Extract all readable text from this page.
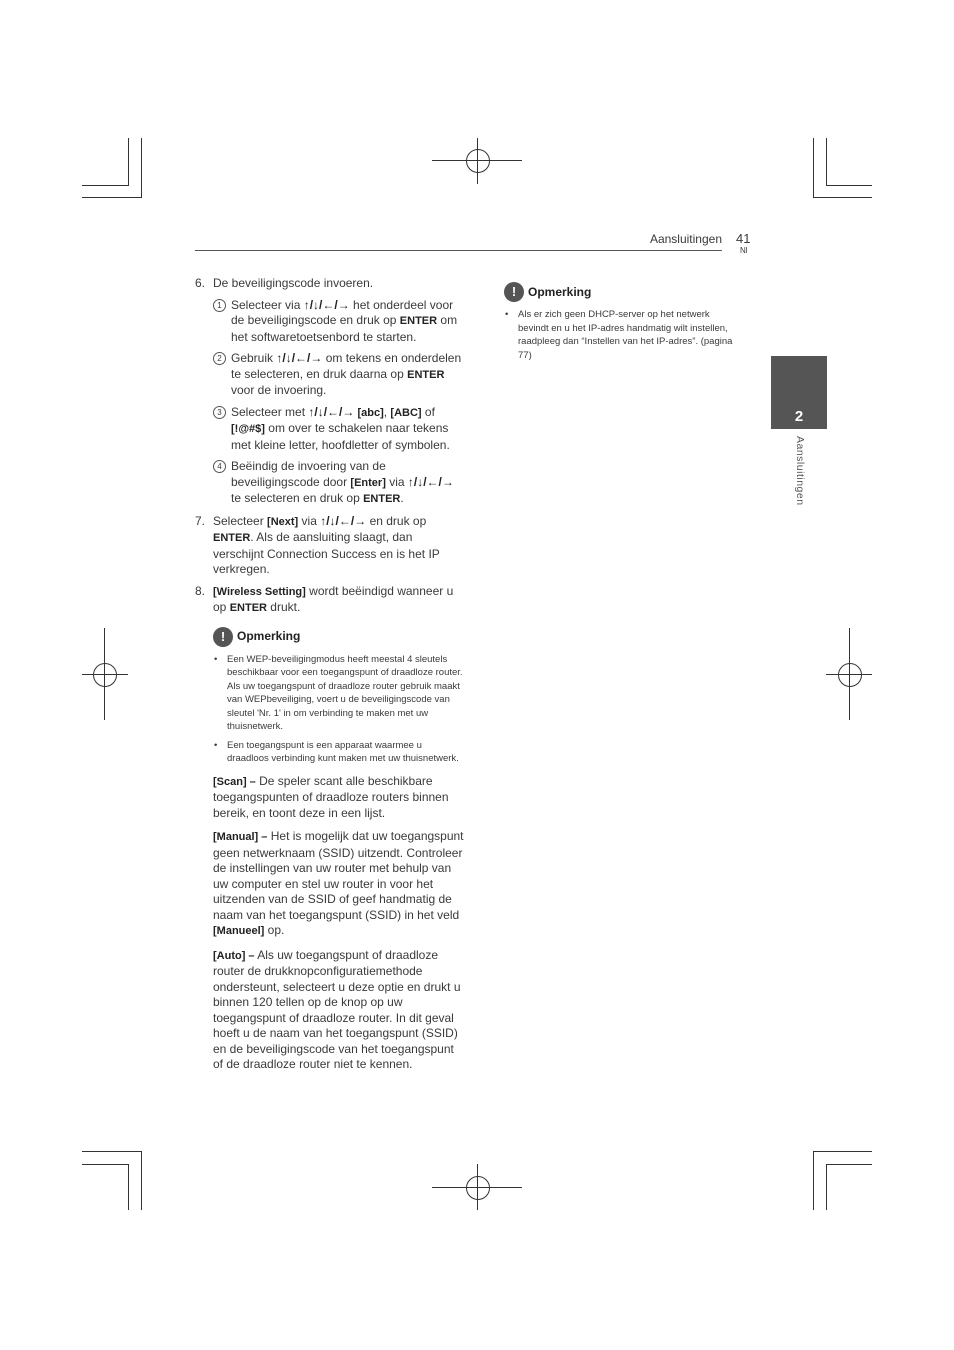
Aansluitingen 41
Nl
2
Aansluitingen
6. De beveiligingscode invoeren.
1 Selecteer via ↑/↓/←/→ het onderdeel voor de beveiligingscode en druk op ENTER om het softwaretoetsenbord te starten.
2 Gebruik ↑/↓/←/→ om tekens en onderdelen te selecteren, en druk daarna op ENTER voor de invoering.
3 Selecteer met ↑/↓/←/→ [abc], [ABC] of [!@#$] om over te schakelen naar tekens met kleine letter, hoofdletter of symbolen.
4 Beëindig de invoering van de beveiligingscode door [Enter] via ↑/↓/←/→ te selecteren en druk op ENTER.
7. Selecteer [Next] via ↑/↓/←/→ en druk op ENTER. Als de aansluiting slaagt, dan verschijnt Connection Success en is het IP verkregen.
8. [Wireless Setting] wordt beëindigd wanneer u op ENTER drukt.
! Opmerking
• Een WEP-beveiligingmodus heeft meestal 4 sleutels beschikbaar voor een toegangspunt of draadloze router. Als uw toegangspunt of draadloze router gebruik maakt van WEPbeveiliging, voert u de beveiligingscode van sleutel 'Nr. 1' in om verbinding te maken met uw thuisnetwerk.
• Een toegangspunt is een apparaat waarmee u draadloos verbinding kunt maken met uw thuisnetwerk.
[Scan] – De speler scant alle beschikbare toegangspunten of draadloze routers binnen bereik, en toont deze in een lijst.
[Manual] – Het is mogelijk dat uw toegangspunt geen netwerknaam (SSID) uitzendt. Controleer de instellingen van uw router met behulp van uw computer en stel uw router in voor het uitzenden van de SSID of geef handmatig de naam van het toegangspunt (SSID) in het veld [Manueel] op.
[Auto] – Als uw toegangspunt of draadloze router de drukknopconfiguratiemethode ondersteunt, selecteert u deze optie en drukt u binnen 120 tellen op de knop op uw toegangspunt of draadloze router. In dit geval hoeft u de naam van het toegangspunt (SSID) en de beveiligingscode van het toegangspunt of de draadloze router niet te kennen.
! Opmerking
• Als er zich geen DHCP-server op het netwerk bevindt en u het IP-adres handmatig wilt instellen, raadpleeg dan “Instellen van het IP-adres”. (pagina 77)
